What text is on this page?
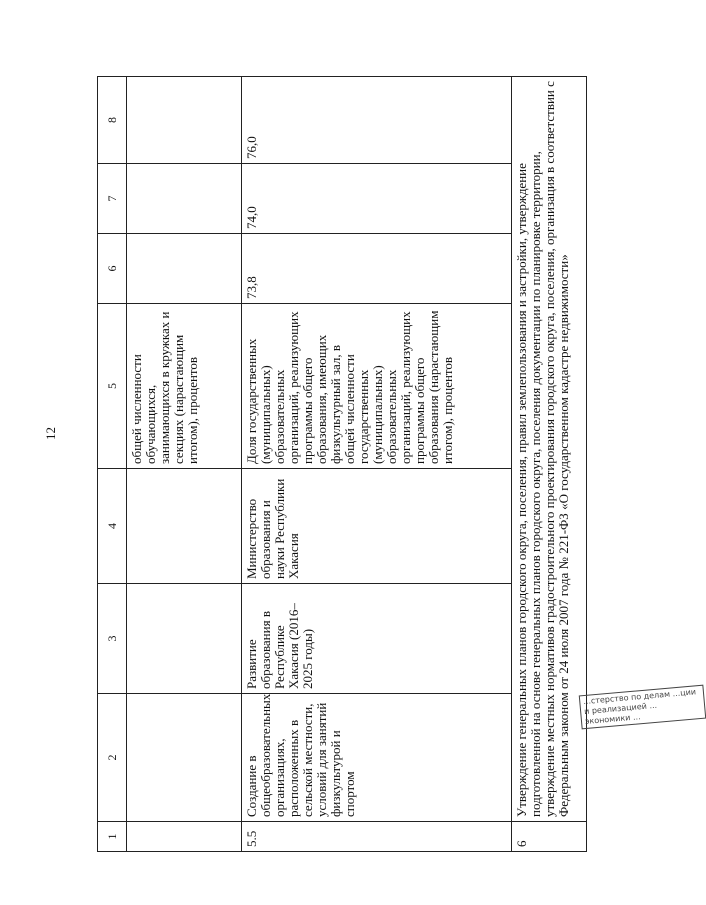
12
1	2	3	4	5	6	7	8
				общей численности обучающихся, занимающихся в кружках и секциях (нарастающим итогом), процентов			
5.5	Создание в общеобразовательных организациях, расположенных в сельской местности, условий для занятий физкультурой и спортом	Развитие образования в Республике Хакасия (2016–2025 годы)	Министерство образования и науки Республики Хакасия	Доля государственных (муниципальных) образовательных организаций, реализующих программы общего образования, имеющих физкультурный зал, в общей численности государственных (муниципальных) образовательных организаций, реализующих программы общего образования (нарастающим итогом), процентов	73,8	74,0	76,0
6	Утверждение генеральных планов городского округа, поселения, правил землепользования и застройки, утверждение подготовленной на основе генеральных планов городского округа, поселения документации по планировке территории, утверждение местных нормативов градостроительного проектирования городского округа, поселения, организация в соответствии с Федеральным законом от 24 июля 2007 года № 221-ФЗ «О государственном кадастре недвижимости»							...стерство по делам ...ции и реализацией ... экономики ...
